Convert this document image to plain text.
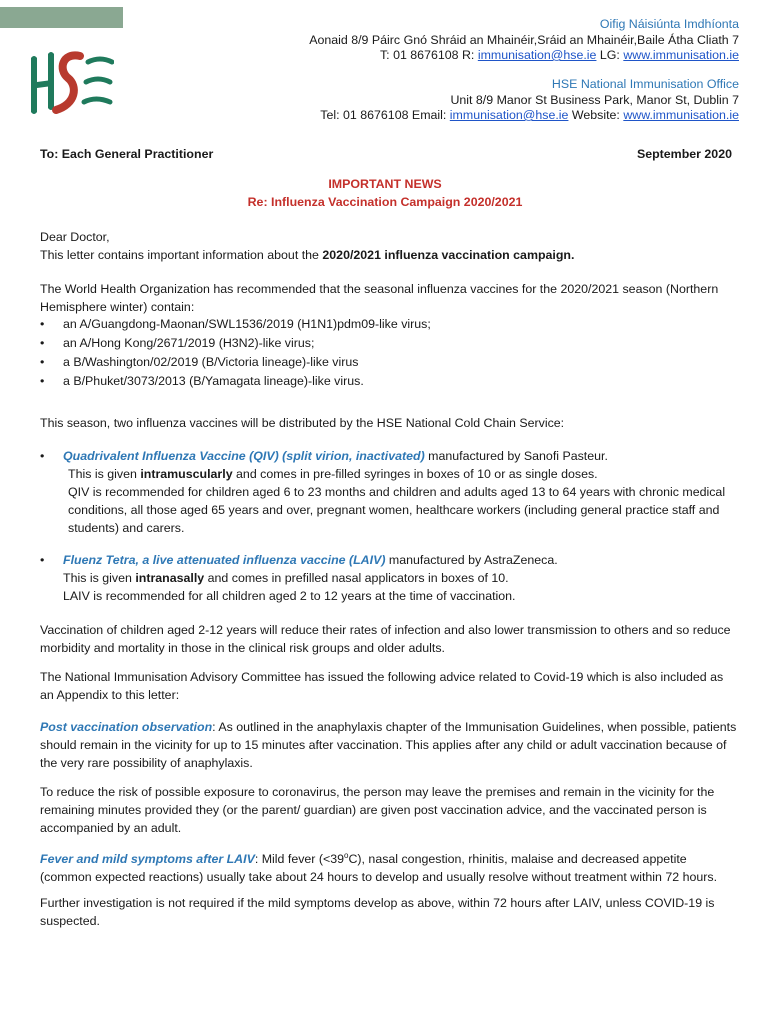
Oifig Náisiúnta Imdhíonta
Aonaid 8/9 Páirc Gnó Shráid an Mhainéir,Sráid an Mhainéir,Baile Átha Cliath 7
T: 01 8676108 R: immunisation@hse.ie LG: www.immunisation.ie
HSE National Immunisation Office
Unit 8/9 Manor St Business Park, Manor St, Dublin 7
Tel: 01 8676108 Email: immunisation@hse.ie Website: www.immunisation.ie
To: Each General Practitioner	September 2020
IMPORTANT NEWS
Re: Influenza Vaccination Campaign 2020/2021

Dear Doctor,

This letter contains important information about the 2020/2021 influenza vaccination campaign.

The World Health Organization has recommended that the seasonal influenza vaccines for the 2020/2021 season (Northern Hemisphere winter) contain:

• an A/Guangdong-Maonan/SWL1536/2019 (H1N1)pdm09-like virus;
• an A/Hong Kong/2671/2019 (H3N2)-like virus;
• a B/Washington/02/2019 (B/Victoria lineage)-like virus
• a B/Phuket/3073/2013 (B/Yamagata lineage)-like virus.
This season, two influenza vaccines will be distributed by the HSE National Cold Chain Service:

• Quadrivalent Influenza Vaccine (QIV) (split virion, inactivated) manufactured by Sanofi Pasteur.

This is given intramuscularly and comes in pre-filled syringes in boxes of 10 or as single doses.

QIV is recommended for children aged 6 to 23 months and children and adults aged 13 to 64 years with chronic medical conditions, all those aged 65 years and over, pregnant women, healthcare workers (including general practice staff and students) and carers.

• Fluenz Tetra, a live attenuated influenza vaccine (LAIV) manufactured by AstraZeneca.

This is given intranasally and comes in prefilled nasal applicators in boxes of 10.

LAIV is recommended for all children aged 2 to 12 years at the time of vaccination.

Vaccination of children aged 2-12 years will reduce their rates of infection and also lower transmission to others and so reduce morbidity and mortality in those in the clinical risk groups and older adults.
The National Immunisation Advisory Committee has issued the following advice related to Covid-19 which is also included as an Appendix to this letter:

Post vaccination observation: As outlined in the anaphylaxis chapter of the Immunisation Guidelines, when possible, patients should remain in the vicinity for up to 15 minutes after vaccination. This applies after any child or adult vaccination because of the very rare possibility of anaphylaxis.

To reduce the risk of possible exposure to coronavirus, the person may leave the premises and remain in the vicinity for the remaining minutes provided they (or the parent/ guardian) are given post vaccination advice, and the vaccinated person is accompanied by an adult.

Fever and mild symptoms after LAIV: Mild fever $(<39^oC)$, nasal congestion, rhinitis, malaise and decreased appetite (common expected reactions) usually take about 24 hours to develop and usually resolve without treatment within 72 hours.

Further investigation is not required if the mild symptoms develop as above, within 72 hours after LAIV, unless COVID-19 is suspected.
